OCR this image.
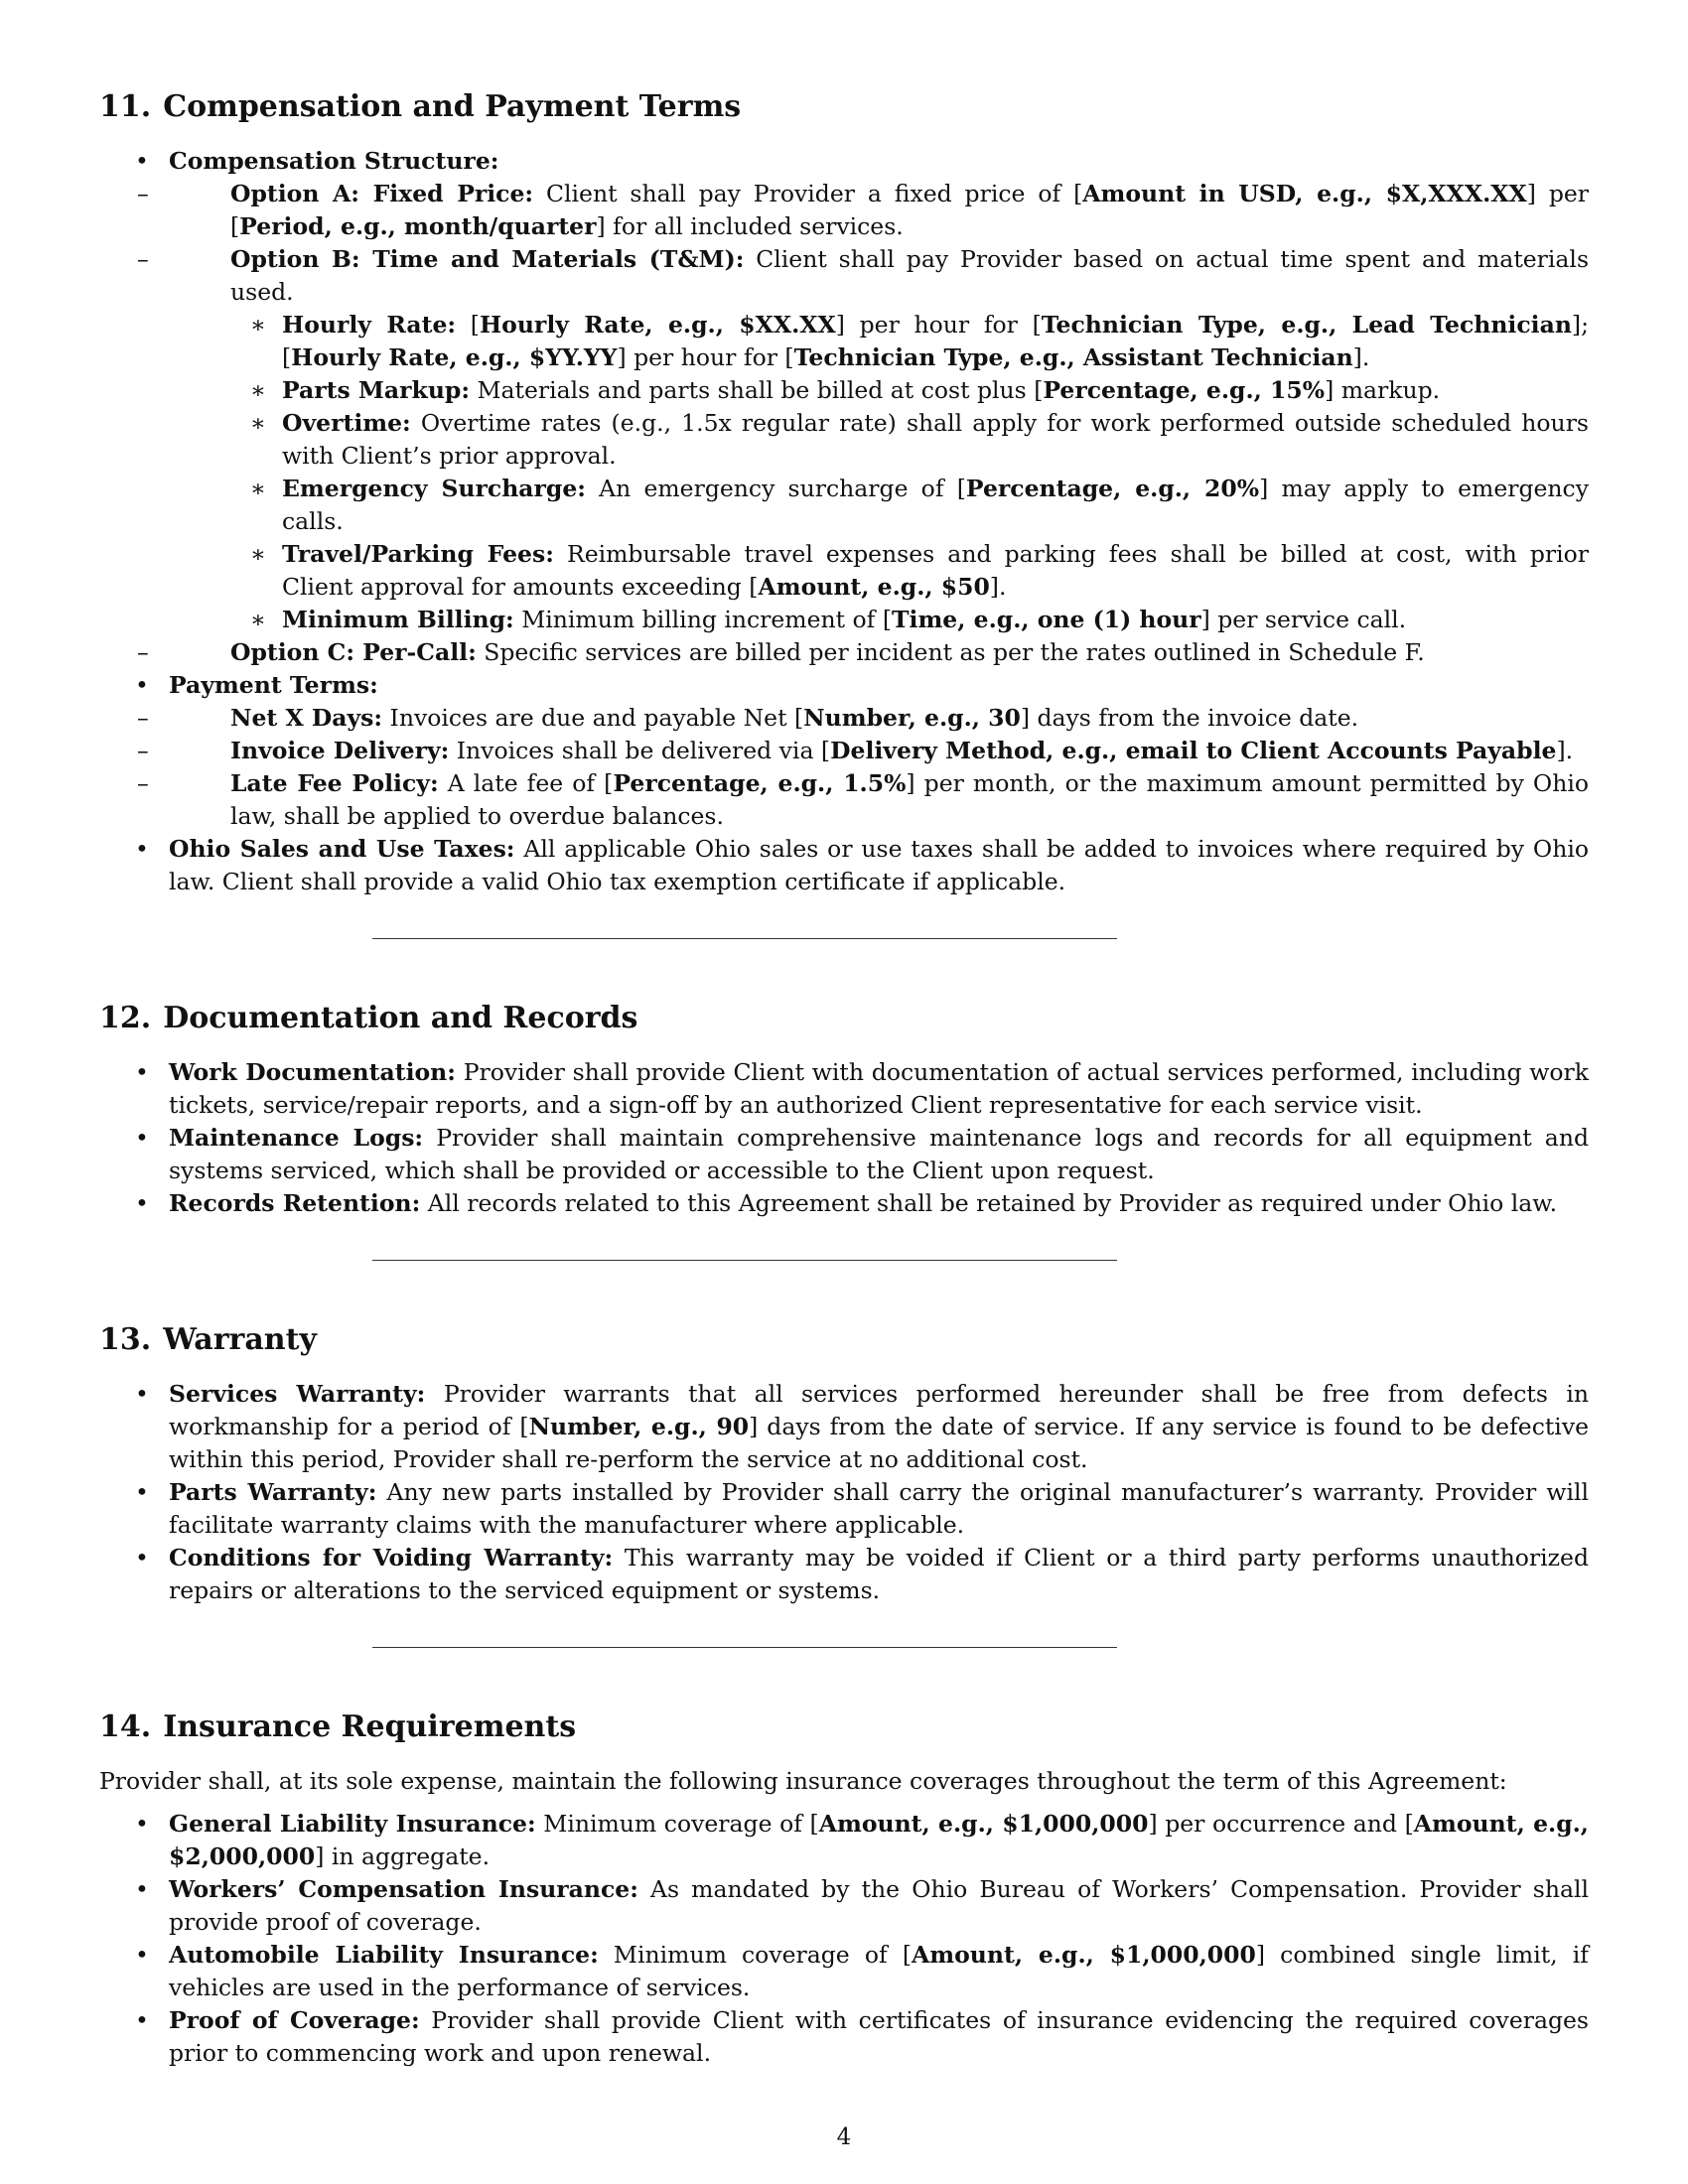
11. Compensation and Payment Terms
• Compensation Structure:
– Option A: Fixed Price: Client shall pay Provider a fixed price of [Amount in USD, e.g., $X,XXX.XX] per [Period, e.g., month/quarter] for all included services.
– Option B: Time and Materials (T&M): Client shall pay Provider based on actual time spent and materials used.
∗ Hourly Rate: [Hourly Rate, e.g., $XX.XX] per hour for [Technician Type, e.g., Lead Technician]; [Hourly Rate, e.g., $YY.YY] per hour for [Technician Type, e.g., Assistant Technician].
∗ Parts Markup: Materials and parts shall be billed at cost plus [Percentage, e.g., 15%] markup.
∗ Overtime: Overtime rates (e.g., 1.5x regular rate) shall apply for work performed outside scheduled hours with Client’s prior approval.
∗ Emergency Surcharge: An emergency surcharge of [Percentage, e.g., 20%] may apply to emergency calls.
∗ Travel/Parking Fees: Reimbursable travel expenses and parking fees shall be billed at cost, with prior Client approval for amounts exceeding [Amount, e.g., $50].
∗ Minimum Billing: Minimum billing increment of [Time, e.g., one (1) hour] per service call.
– Option C: Per-Call: Specific services are billed per incident as per the rates outlined in Schedule F.
• Payment Terms:
– Net X Days: Invoices are due and payable Net [Number, e.g., 30] days from the invoice date.
– Invoice Delivery: Invoices shall be delivered via [Delivery Method, e.g., email to Client Accounts Payable].
– Late Fee Policy: A late fee of [Percentage, e.g., 1.5%] per month, or the maximum amount permitted by Ohio law, shall be applied to overdue balances.
• Ohio Sales and Use Taxes: All applicable Ohio sales or use taxes shall be added to invoices where required by Ohio law. Client shall provide a valid Ohio tax exemption certificate if applicable.
12. Documentation and Records
• Work Documentation: Provider shall provide Client with documentation of actual services performed, including work tickets, service/repair reports, and a sign-off by an authorized Client representative for each service visit.
• Maintenance Logs: Provider shall maintain comprehensive maintenance logs and records for all equipment and systems serviced, which shall be provided or accessible to the Client upon request.
• Records Retention: All records related to this Agreement shall be retained by Provider as required under Ohio law.
13. Warranty
• Services Warranty: Provider warrants that all services performed hereunder shall be free from defects in workmanship for a period of [Number, e.g., 90] days from the date of service. If any service is found to be defective within this period, Provider shall re-perform the service at no additional cost.
• Parts Warranty: Any new parts installed by Provider shall carry the original manufacturer’s warranty. Provider will facilitate warranty claims with the manufacturer where applicable.
• Conditions for Voiding Warranty: This warranty may be voided if Client or a third party performs unauthorized repairs or alterations to the serviced equipment or systems.
14. Insurance Requirements

Provider shall, at its sole expense, maintain the following insurance coverages throughout the term of this Agreement:

• General Liability Insurance: Minimum coverage of [Amount, e.g., $1,000,000] per occurrence and [Amount, e.g., $2,000,000] in aggregate.
• Workers’ Compensation Insurance: As mandated by the Ohio Bureau of Workers’ Compensation. Provider shall provide proof of coverage.
• Automobile Liability Insurance: Minimum coverage of [Amount, e.g., $1,000,000] combined single limit, if vehicles are used in the performance of services.
• Proof of Coverage: Provider shall provide Client with certificates of insurance evidencing the required coverages prior to commencing work and upon renewal.
4
